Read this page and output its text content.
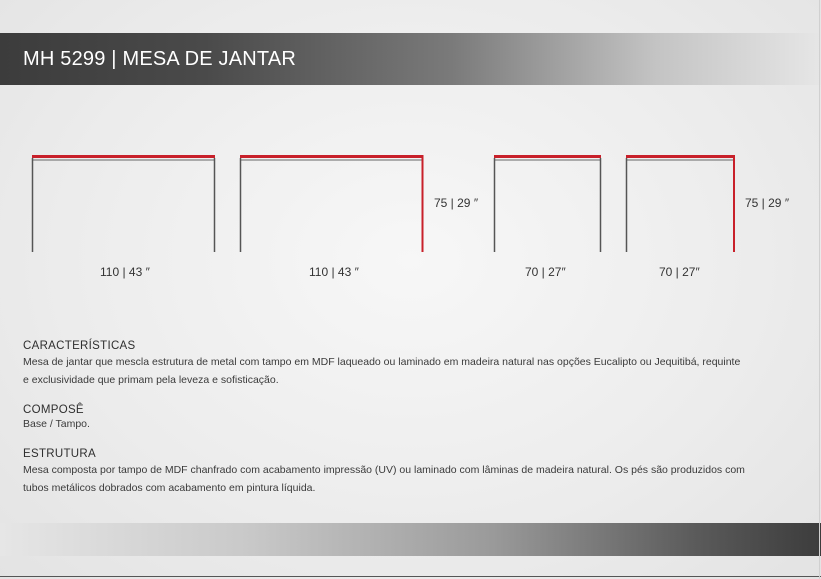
MH 5299 | MESA DE JANTAR
110 | 43 ″	110 | 43 ″	70 | 27″	70 | 27″
75 | 29 ″	75 | 29 ″
CARACTERÍSTICAS
Mesa de jantar que mescla estrutura de metal com tampo em MDF laqueado ou laminado em madeira natural nas opções Eucalipto ou Jequitibá, requinte
e exclusividade que primam pela leveza e sofisticação.
COMPOSÊ
Base / Tampo.
ESTRUTURA
Mesa composta por tampo de MDF chanfrado com acabamento impressão (UV) ou laminado com lâminas de madeira natural. Os pés são produzidos com
tubos metálicos dobrados com acabamento em pintura líquida.
